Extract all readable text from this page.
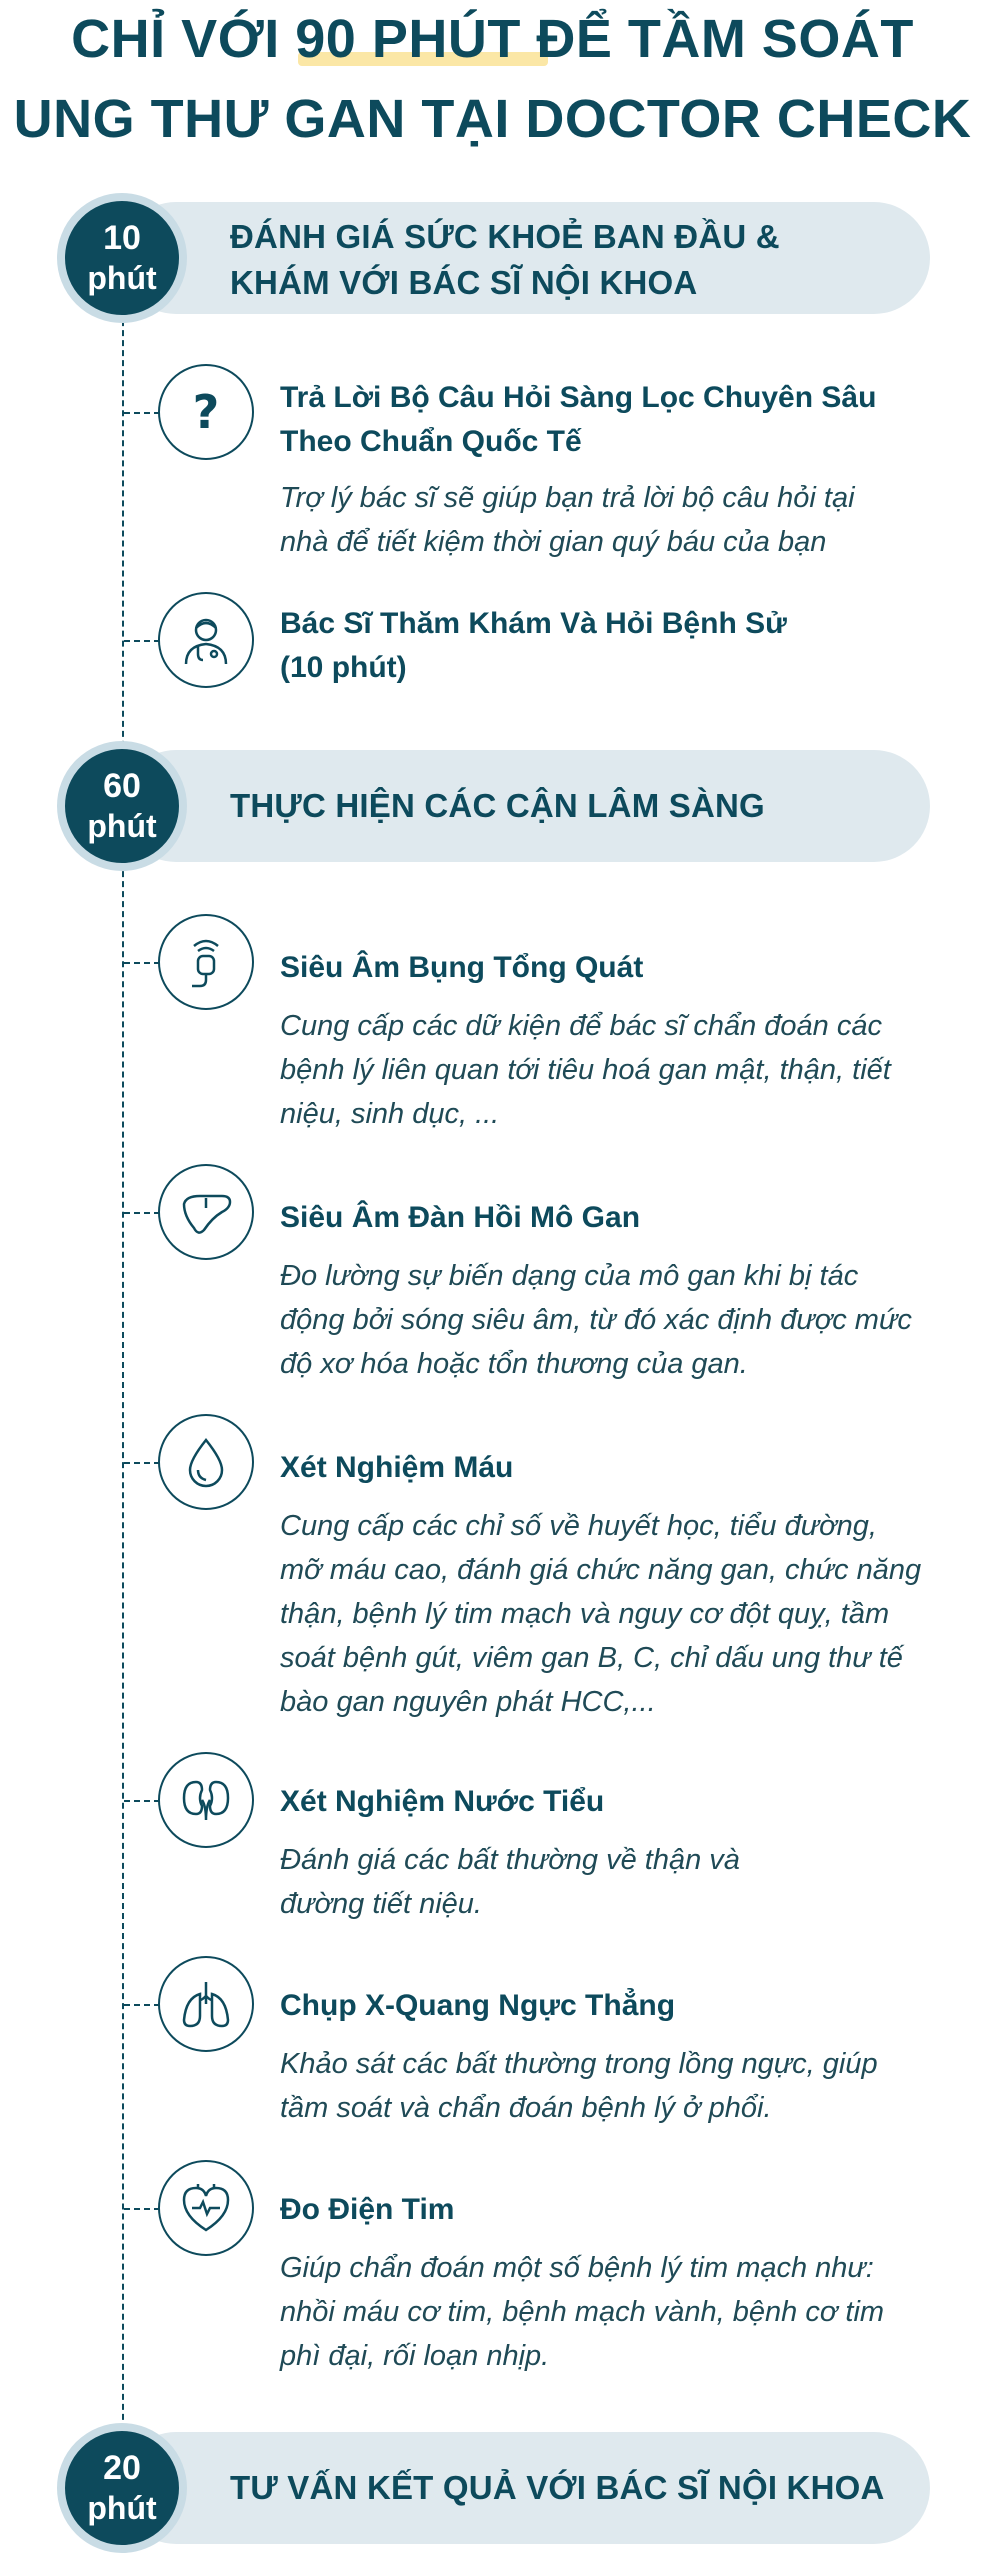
CHỈ VỚI 90 PHÚT ĐỂ TẦM SOÁT
UNG THƯ GAN TẠI DOCTOR CHECK
ĐÁNH GIÁ SỨC KHOẺ BAN ĐẦU &
KHÁM VỚI BÁC SĨ NỘI KHOA
10
phút
? Trả Lời Bộ Câu Hỏi Sàng Lọc Chuyên Sâu
Theo Chuẩn Quốc Tế
Trợ lý bác sĩ sẽ giúp bạn trả lời bộ câu hỏi tại
nhà để tiết kiệm thời gian quý báu của bạn
Bác Sĩ Thăm Khám Và Hỏi Bệnh Sử
(10 phút)
THỰC HIỆN CÁC CẬN LÂM SÀNG
60
phút
Siêu Âm Bụng Tổng Quát
Cung cấp các dữ kiện để bác sĩ chẩn đoán các
bệnh lý liên quan tới tiêu hoá gan mật, thận, tiết
niệu, sinh dục, ...
Siêu Âm Đàn Hồi Mô Gan
Đo lường sự biến dạng của mô gan khi bị tác
động bởi sóng siêu âm, từ đó xác định được mức
độ xơ hóa hoặc tổn thương của gan.
Xét Nghiệm Máu
Cung cấp các chỉ số về huyết học, tiểu đường,
mỡ máu cao, đánh giá chức năng gan, chức năng
thận, bệnh lý tim mạch và nguy cơ đột quỵ, tầm
soát bệnh gút, viêm gan B, C, chỉ dấu ung thư tế
bào gan nguyên phát HCC,...
Xét Nghiệm Nước Tiểu
Đánh giá các bất thường về thận và
đường tiết niệu.
Chụp X-Quang Ngực Thẳng
Khảo sát các bất thường trong lồng ngực, giúp
tầm soát và chẩn đoán bệnh lý ở phổi.
Đo Điện Tim
Giúp chẩn đoán một số bệnh lý tim mạch như:
nhồi máu cơ tim, bệnh mạch vành, bệnh cơ tim
phì đại, rối loạn nhịp.
TƯ VẤN KẾT QUẢ VỚI BÁC SĨ NỘI KHOA
20
phút
